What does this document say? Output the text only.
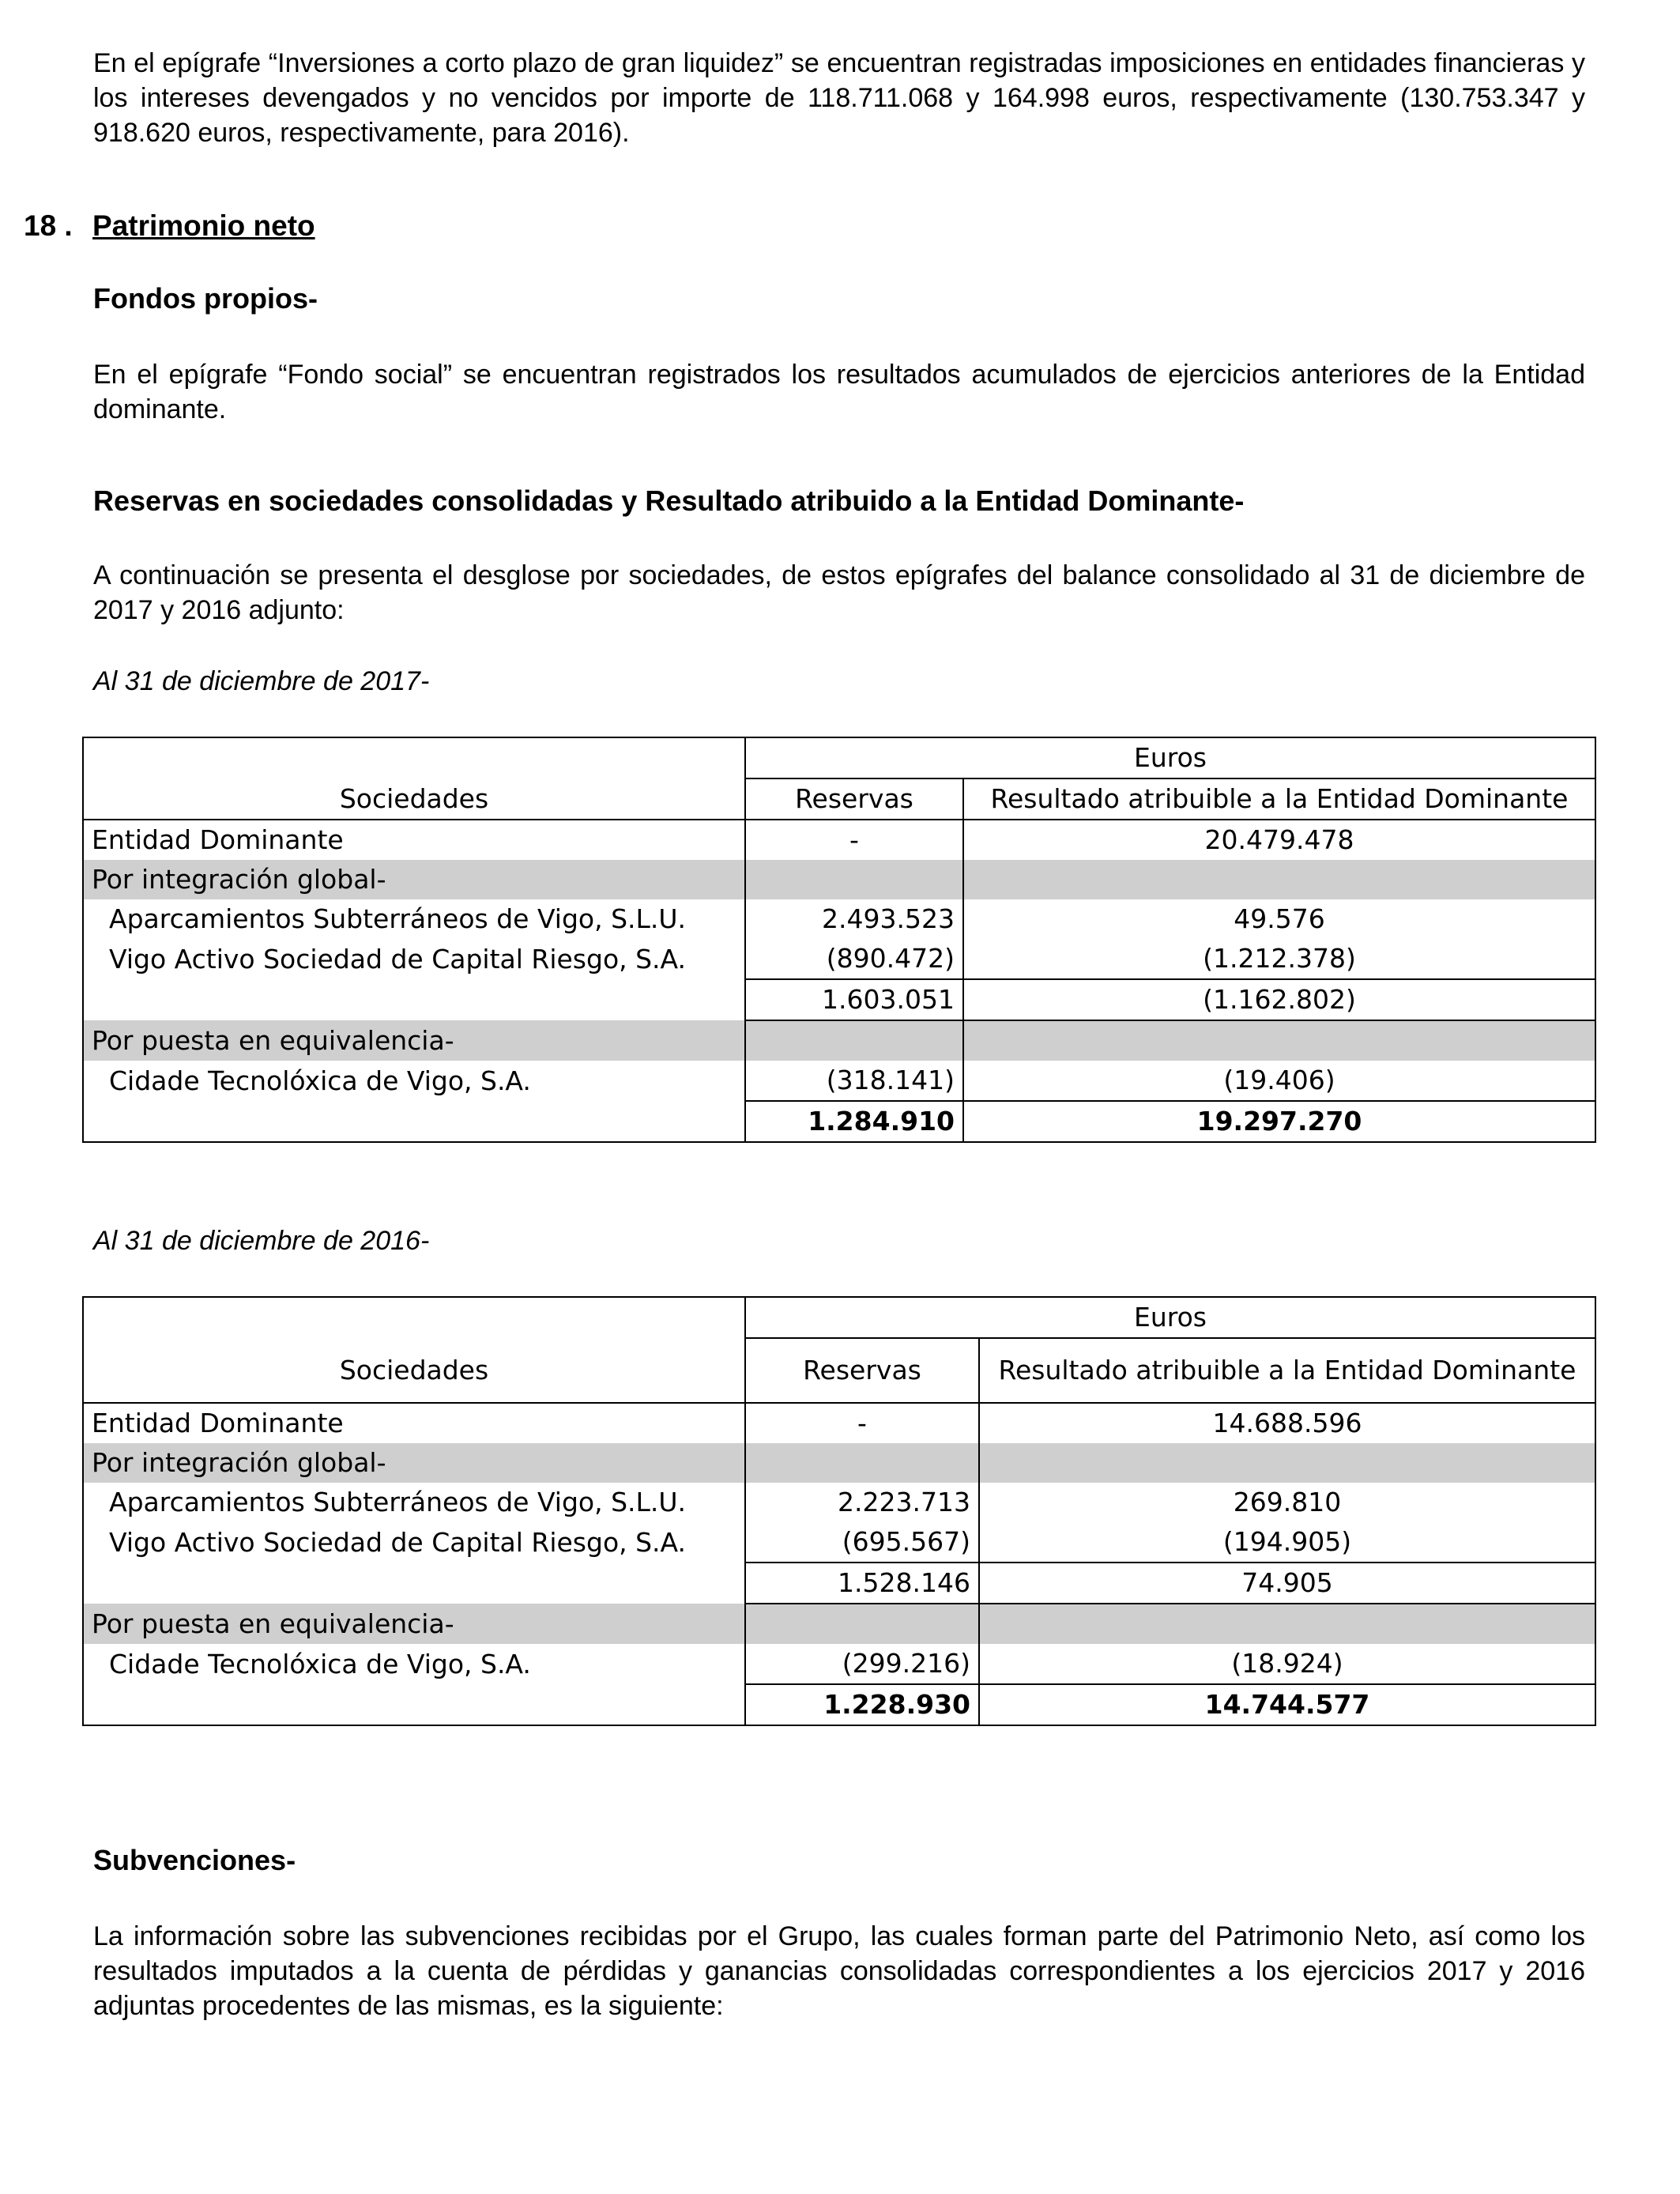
En el epígrafe “Inversiones a corto plazo de gran liquidez” se encuentran registradas imposiciones en entidades financieras y los intereses devengados y no vencidos por importe de 118.711.068 y 164.998 euros, respectivamente (130.753.347 y 918.620 euros, respectivamente, para 2016).

18 . Patrimonio neto

Fondos propios-

En el epígrafe “Fondo social” se encuentran registrados los resultados acumulados de ejercicios anteriores de la Entidad dominante.

Reservas en sociedades consolidadas y Resultado atribuido a la Entidad Dominante-

A continuación se presenta el desglose por sociedades, de estos epígrafes del balance consolidado al 31 de diciembre de 2017 y 2016 adjunto:

Al 31 de diciembre de 2017-

	Euros	
Sociedades	Reservas	Resultado atribuible a la Entidad Dominante
Entidad Dominante	-	20.479.478
Por integración global-		
Aparcamientos Subterráneos de Vigo, S.L.U.	2.493.523	49.576
Vigo Activo Sociedad de Capital Riesgo, S.A.	(890.472)	(1.212.378)
	1.603.051	(1.162.802)
Por puesta en equivalencia-		
Cidade Tecnolóxica de Vigo, S.A.	(318.141)	(19.406)
	1.284.910	19.297.270

Al 31 de diciembre de 2016-

	Euros	
Sociedades	Reservas	Resultado atribuible a la Entidad Dominante
Entidad Dominante	-	14.688.596
Por integración global-		
Aparcamientos Subterráneos de Vigo, S.L.U.	2.223.713	269.810
Vigo Activo Sociedad de Capital Riesgo, S.A.	(695.567)	(194.905)
	1.528.146	74.905
Por puesta en equivalencia-		
Cidade Tecnolóxica de Vigo, S.A.	(299.216)	(18.924)
	1.228.930	14.744.577

Subvenciones-

La información sobre las subvenciones recibidas por el Grupo, las cuales forman parte del Patrimonio Neto, así como los resultados imputados a la cuenta de pérdidas y ganancias consolidadas correspondientes a los ejercicios 2017 y 2016 adjuntas procedentes de las mismas, es la siguiente:
